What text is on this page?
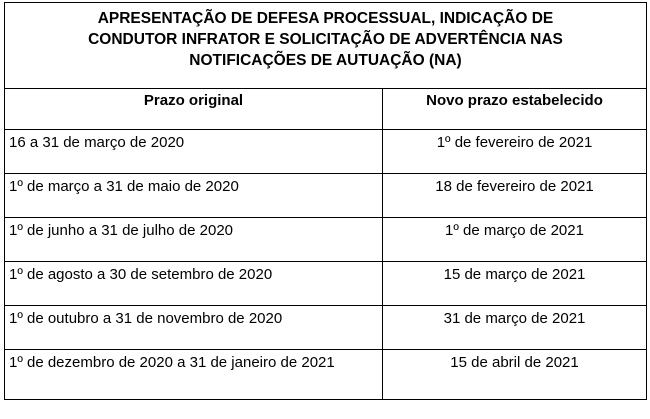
APRESENTAÇÃO DE DEFESA PROCESSUAL, INDICAÇÃO DE
CONDUTOR INFRATOR E SOLICITAÇÃO DE ADVERTÊNCIA NAS
NOTIFICAÇÕES DE AUTUAÇÃO (NA)	

Prazo original	Novo prazo estabelecido
16 a 31 de março de 2020	1º de fevereiro de 2021
1º de março a 31 de maio de 2020	18 de fevereiro de 2021
1º de junho a 31 de julho de 2020	1º de março de 2021
1º de agosto a 30 de setembro de 2020	15 de março de 2021
1º de outubro a 31 de novembro de 2020	31 de março de 2021
1º de dezembro de 2020 a 31 de janeiro de 2021	15 de abril de 2021
